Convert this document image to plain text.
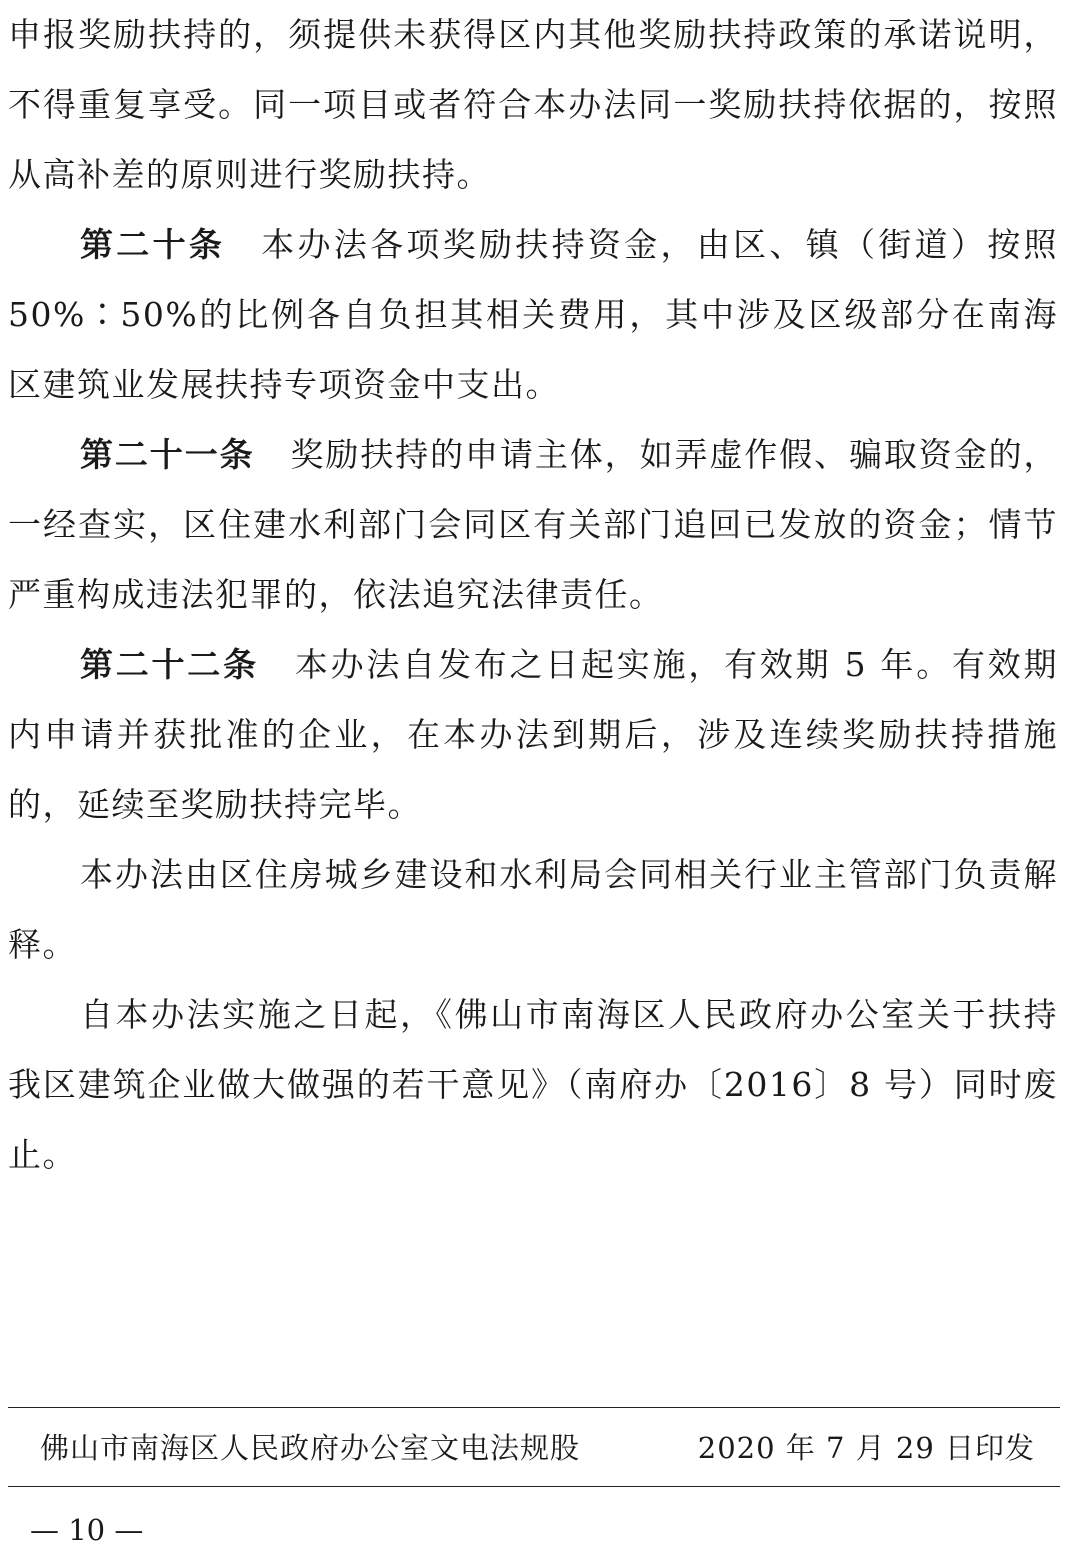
申报奖励扶持的，须提供未获得区内其他奖励扶持政策的承诺说明，不得重复享受。同一项目或者符合本办法同一奖励扶持依据的，按照从高补差的原则进行奖励扶持。

第二十条 本办法各项奖励扶持资金，由区、镇（街道）按照 50%∶50%的比例各自负担其相关费用，其中涉及区级部分在南海区建筑业发展扶持专项资金中支出。

第二十一条 奖励扶持的申请主体，如弄虚作假、骗取资金的，一经查实，区住建水利部门会同区有关部门追回已发放的资金；情节严重构成违法犯罪的，依法追究法律责任。

第二十二条 本办法自发布之日起实施，有效期 5 年。有效期内申请并获批准的企业，在本办法到期后，涉及连续奖励扶持措施的，延续至奖励扶持完毕。

本办法由区住房城乡建设和水利局会同相关行业主管部门负责解释。

自本办法实施之日起，《佛山市南海区人民政府办公室关于扶持我区建筑企业做大做强的若干意见》（南府办〔2016〕8 号）同时废止。

佛山市南海区人民政府办公室文电法规股	2020 年 7 月 29 日印发
— 10 —
